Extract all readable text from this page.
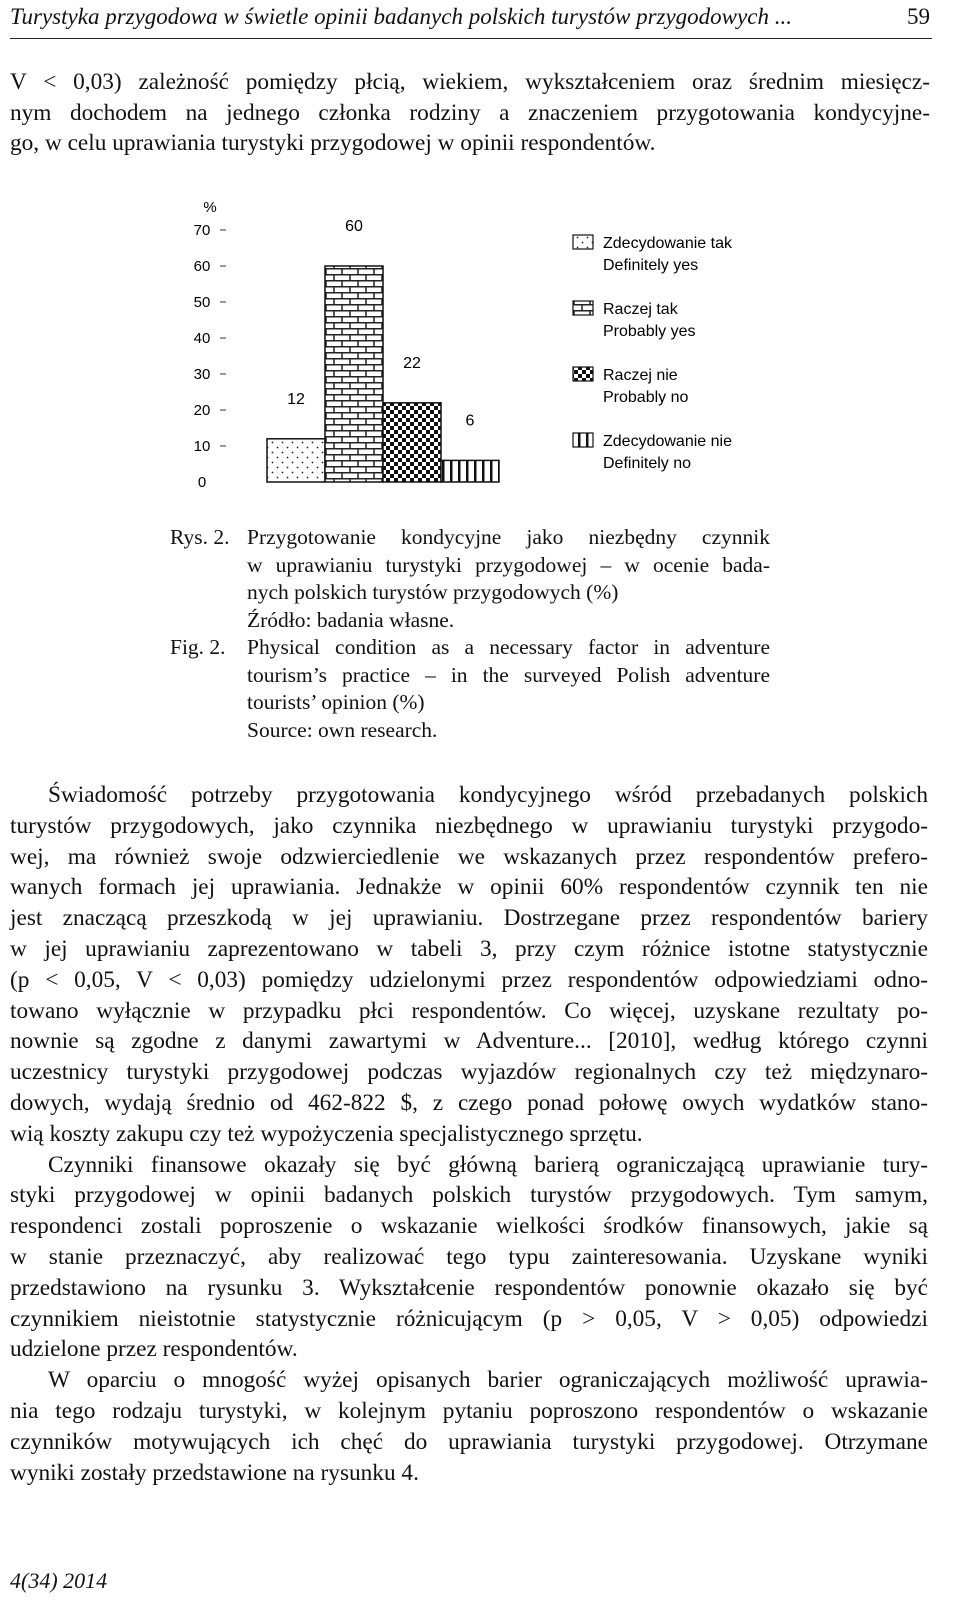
Turystyka przygodowa w świetle opinii badanych polskich turystów przygodowych ...	59
V < 0,03) zależność pomiędzy płcią, wiekiem, wykształceniem oraz średnim miesięcz-
nym dochodem na jednego członka rodziny a znaczeniem przygotowania kondycyjne-
go, w celu uprawiania turystyki przygodowej w opinii respondentów.
%
0
10
20
30
40
50
60
70
12
60
22
6
Zdecydowanie tak
Definitely yes
Raczej tak
Probably yes
Raczej nie
Probably no
Zdecydowanie nie
Definitely no
Rys. 2. Przygotowanie kondycyjne jako niezbędny czynnik
w uprawianiu turystyki przygodowej – w ocenie bada-
nych polskich turystów przygodowych (%)
Źródło: badania własne.
Fig. 2. Physical condition as a necessary factor in adventure
tourism’s practice – in the surveyed Polish adventure
tourists’ opinion (%)
Source: own research.

Świadomość potrzeby przygotowania kondycyjnego wśród przebadanych polskich
turystów przygodowych, jako czynnika niezbędnego w uprawianiu turystyki przygodo-
wej, ma również swoje odzwierciedlenie we wskazanych przez respondentów prefero-
wanych formach jej uprawiania. Jednakże w opinii 60% respondentów czynnik ten nie
jest znaczącą przeszkodą w jej uprawianiu. Dostrzegane przez respondentów bariery
w jej uprawianiu zaprezentowano w tabeli 3, przy czym różnice istotne statystycznie
(p < 0,05, V < 0,03) pomiędzy udzielonymi przez respondentów odpowiedziami odno-
towano wyłącznie w przypadku płci respondentów. Co więcej, uzyskane rezultaty po-
nownie są zgodne z danymi zawartymi w Adventure... [2010], według którego czynni
uczestnicy turystyki przygodowej podczas wyjazdów regionalnych czy też międzynaro-
dowych, wydają średnio od 462-822 $, z czego ponad połowę owych wydatków stano-
wią koszty zakupu czy też wypożyczenia specjalistycznego sprzętu.

Czynniki finansowe okazały się być główną barierą ograniczającą uprawianie tury-
styki przygodowej w opinii badanych polskich turystów przygodowych. Tym samym,
respondenci zostali poproszenie o wskazanie wielkości środków finansowych, jakie są
w stanie przeznaczyć, aby realizować tego typu zainteresowania. Uzyskane wyniki
przedstawiono na rysunku 3. Wykształcenie respondentów ponownie okazało się być
czynnikiem nieistotnie statystycznie różnicującym (p > 0,05, V > 0,05) odpowiedzi
udzielone przez respondentów.

W oparciu o mnogość wyżej opisanych barier ograniczających możliwość uprawia-
nia tego rodzaju turystyki, w kolejnym pytaniu poproszono respondentów o wskazanie
czynników motywujących ich chęć do uprawiania turystyki przygodowej. Otrzymane
wyniki zostały przedstawione na rysunku 4.

4(34) 2014
